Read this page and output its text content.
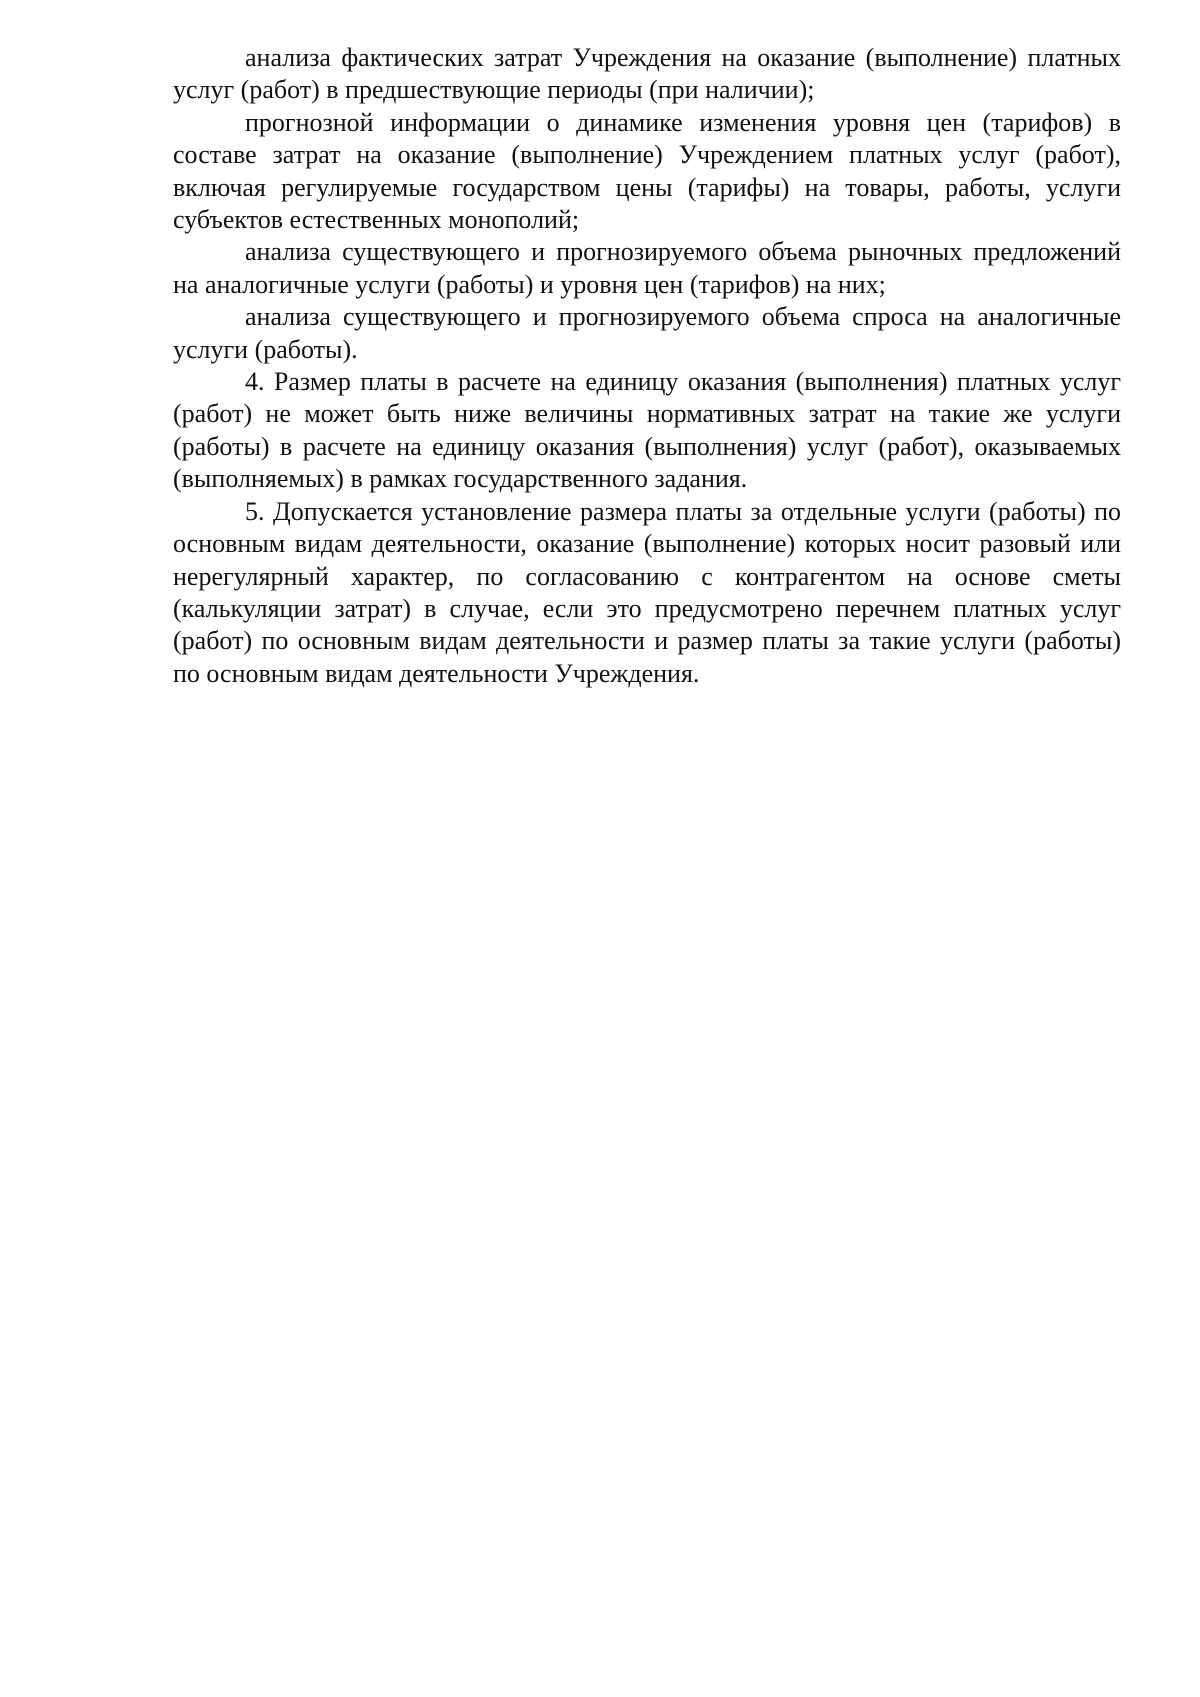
анализа фактических затрат Учреждения на оказание (выполнение) платных услуг (работ) в предшествующие периоды (при наличии);

прогнозной информации о динамике изменения уровня цен (тарифов) в составе затрат на оказание (выполнение) Учреждением платных услуг (работ), включая регулируемые государством цены (тарифы) на товары, работы, услуги субъектов естественных монополий;

анализа существующего и прогнозируемого объема рыночных предложений на аналогичные услуги (работы) и уровня цен (тарифов) на них;

анализа существующего и прогнозируемого объема спроса на аналогичные услуги (работы).

4. Размер платы в расчете на единицу оказания (выполнения) платных услуг (работ) не может быть ниже величины нормативных затрат на такие же услуги (работы) в расчете на единицу оказания (выполнения) услуг (работ), оказываемых (выполняемых) в рамках государственного задания.

5. Допускается установление размера платы за отдельные услуги (работы) по основным видам деятельности, оказание (выполнение) которых носит разовый или нерегулярный характер, по согласованию с контрагентом на основе сметы (калькуляции затрат) в случае, если это предусмотрено перечнем платных услуг (работ) по основным видам деятельности и размер платы за такие услуги (работы) по основным видам деятельности Учреждения.
